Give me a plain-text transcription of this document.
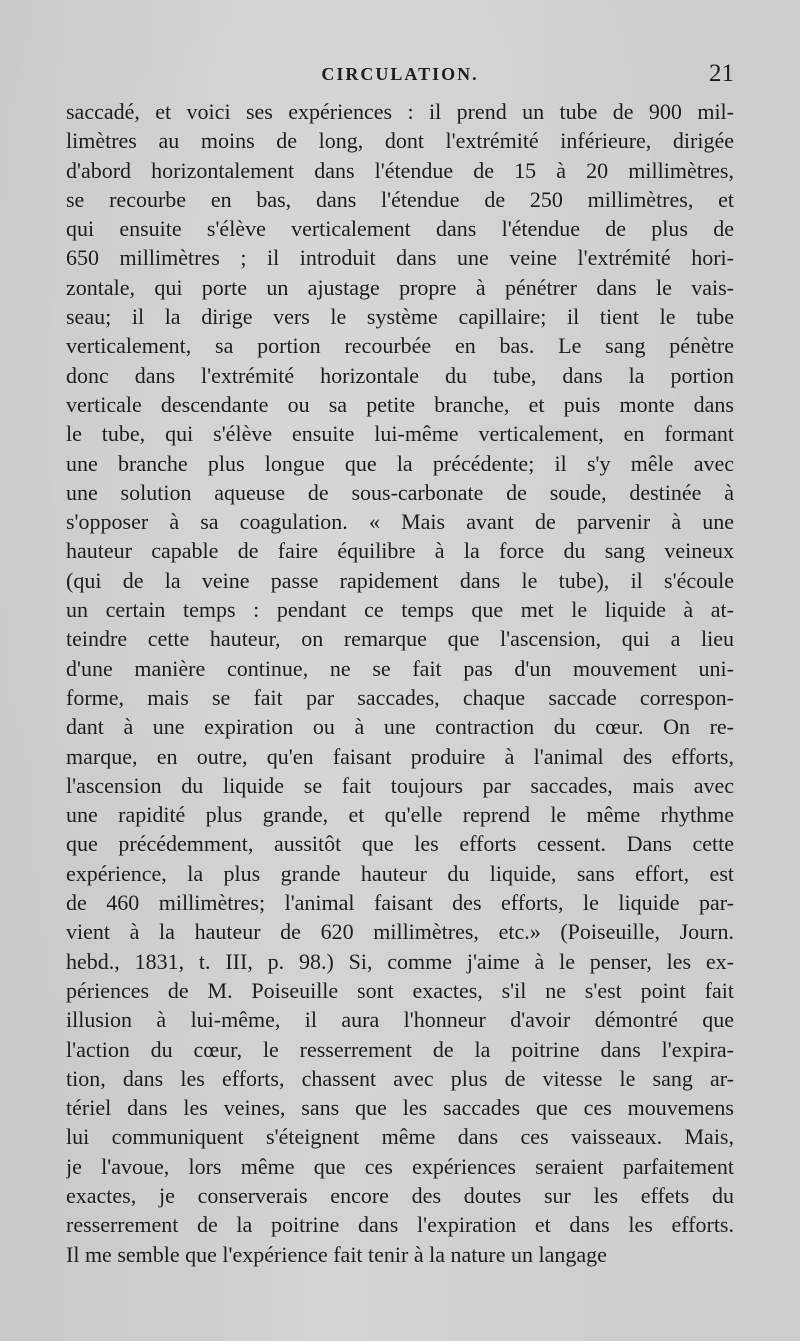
CIRCULATION.	21
saccadé, et voici ses expériences : il prend un tube de 900 mil-
limètres au moins de long, dont l'extrémité inférieure, dirigée
d'abord horizontalement dans l'étendue de 15 à 20 millimètres,
se recourbe en bas, dans l'étendue de 250 millimètres, et
qui ensuite s'élève verticalement dans l'étendue de plus de
650 millimètres ; il introduit dans une veine l'extrémité hori-
zontale, qui porte un ajustage propre à pénétrer dans le vais-
seau; il la dirige vers le système capillaire; il tient le tube
verticalement, sa portion recourbée en bas. Le sang pénètre
donc dans l'extrémité horizontale du tube, dans la portion
verticale descendante ou sa petite branche, et puis monte dans
le tube, qui s'élève ensuite lui-même verticalement, en formant
une branche plus longue que la précédente; il s'y mêle avec
une solution aqueuse de sous-carbonate de soude, destinée à
s'opposer à sa coagulation. « Mais avant de parvenir à une
hauteur capable de faire équilibre à la force du sang veineux
(qui de la veine passe rapidement dans le tube), il s'écoule
un certain temps : pendant ce temps que met le liquide à at-
teindre cette hauteur, on remarque que l'ascension, qui a lieu
d'une manière continue, ne se fait pas d'un mouvement uni-
forme, mais se fait par saccades, chaque saccade correspon-
dant à une expiration ou à une contraction du cœur. On re-
marque, en outre, qu'en faisant produire à l'animal des efforts,
l'ascension du liquide se fait toujours par saccades, mais avec
une rapidité plus grande, et qu'elle reprend le même rhythme
que précédemment, aussitôt que les efforts cessent. Dans cette
expérience, la plus grande hauteur du liquide, sans effort, est
de 460 millimètres; l'animal faisant des efforts, le liquide par-
vient à la hauteur de 620 millimètres, etc.» (Poiseuille, Journ.
hebd., 1831, t. III, p. 98.) Si, comme j'aime à le penser, les ex-
périences de M. Poiseuille sont exactes, s'il ne s'est point fait
illusion à lui-même, il aura l'honneur d'avoir démontré que
l'action du cœur, le resserrement de la poitrine dans l'expira-
tion, dans les efforts, chassent avec plus de vitesse le sang ar-
tériel dans les veines, sans que les saccades que ces mouvemens
lui communiquent s'éteignent même dans ces vaisseaux. Mais,
je l'avoue, lors même que ces expériences seraient parfaitement
exactes, je conserverais encore des doutes sur les effets du
resserrement de la poitrine dans l'expiration et dans les efforts.
Il me semble que l'expérience fait tenir à la nature un langage
